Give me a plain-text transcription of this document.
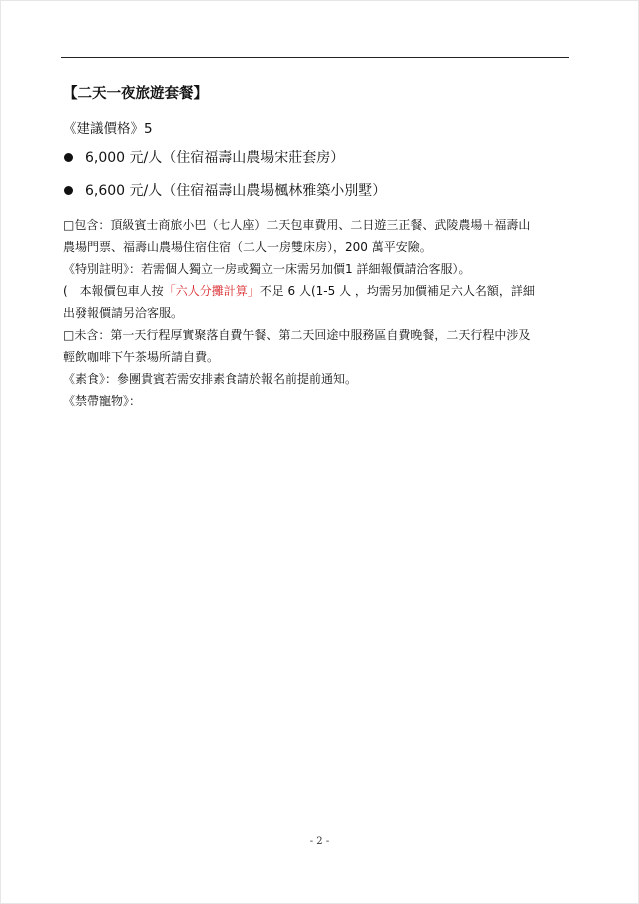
【二天一夜旅遊套餐】

《建議價格》5

6,000 元/人（住宿福壽山農場宋莊套房）
6,600 元/人（住宿福壽山農場楓林雅築小別墅）

□包含：頂級賓士商旅小巴（七人座）二天包車費用、二日遊三正餐、武陵農場＋福壽山

農場門票、福壽山農場住宿住宿（二人一房雙床房），200 萬平安險。

《特別註明》：若需個人獨立一房或獨立一床需另加價1 詳細報價請洽客服）。

(　本報價包車人按「六人分攤計算」不足 6 人(1-5 人 ，均需另加價補足六人名額，詳細

出發報價請另洽客服。

□未含：第一天行程厚實聚落自費午餐、第二天回途中服務區自費晚餐，二天行程中涉及

輕飲咖啡下午茶場所請自費。

《素食》：參團貴賓若需安排素食請於報名前提前通知。

《禁帶寵物》：

- 2 -
